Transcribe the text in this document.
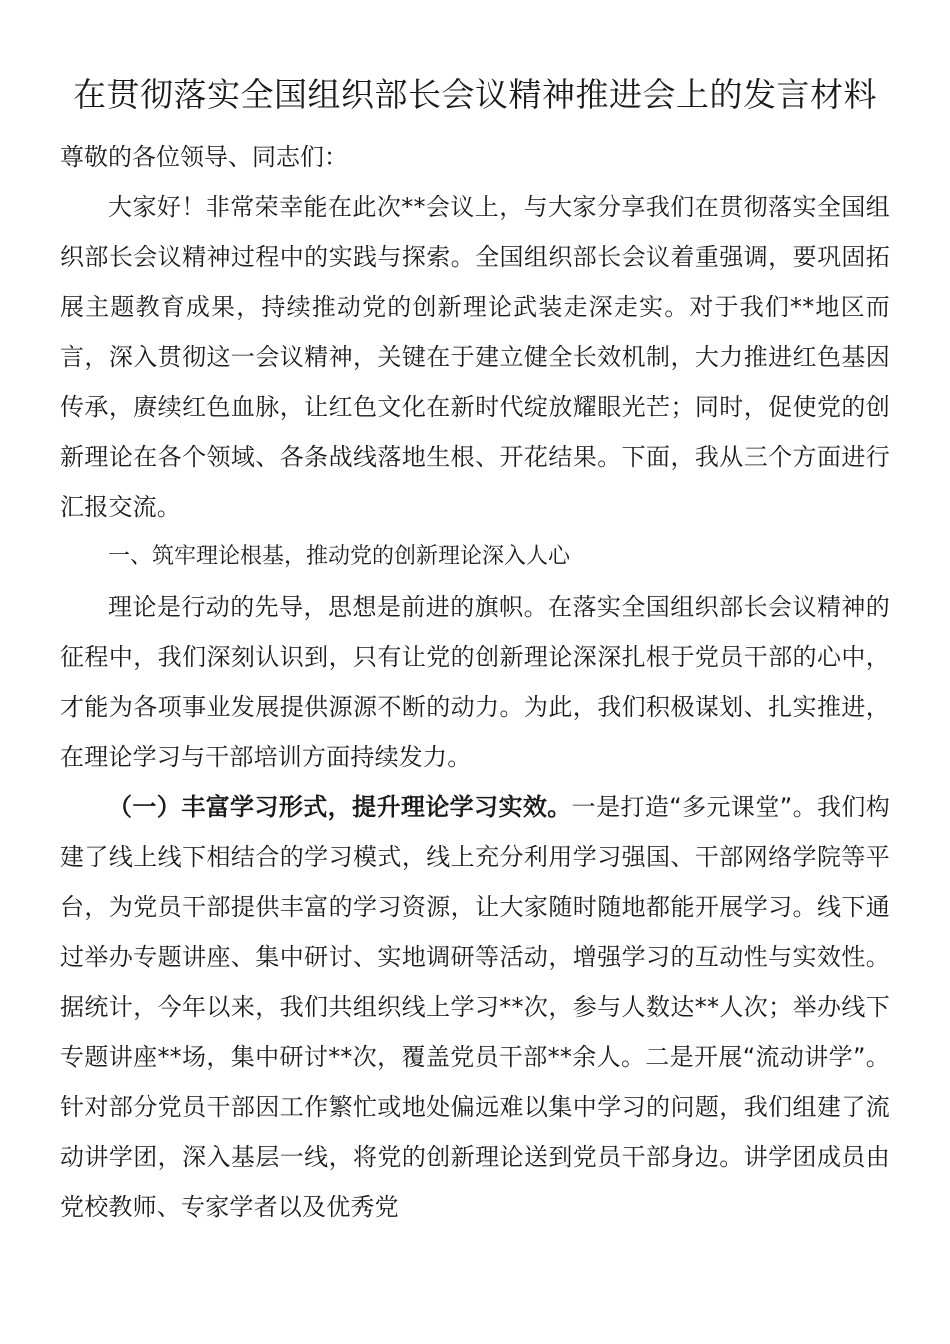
在贯彻落实全国组织部长会议精神推进会上的发言材料

尊敬的各位领导、同志们：

大家好！非常荣幸能在此次**会议上，与大家分享我们在贯彻落实全国组织部长会议精神过程中的实践与探索。全国组织部长会议着重强调，要巩固拓展主题教育成果，持续推动党的创新理论武装走深走实。对于我们**地区而言，深入贯彻这一会议精神，关键在于建立健全长效机制，大力推进红色基因传承，赓续红色血脉，让红色文化在新时代绽放耀眼光芒；同时，促使党的创新理论在各个领域、各条战线落地生根、开花结果。下面，我从三个方面进行汇报交流。

一、筑牢理论根基，推动党的创新理论深入人心

理论是行动的先导，思想是前进的旗帜。在落实全国组织部长会议精神的征程中，我们深刻认识到，只有让党的创新理论深深扎根于党员干部的心中，才能为各项事业发展提供源源不断的动力。为此，我们积极谋划、扎实推进，在理论学习与干部培训方面持续发力。

（一）丰富学习形式，提升理论学习实效。一是打造“多元课堂”。我们构建了线上线下相结合的学习模式，线上充分利用学习强国、干部网络学院等平台，为党员干部提供丰富的学习资源，让大家随时随地都能开展学习。线下通过举办专题讲座、集中研讨、实地调研等活动，增强学习的互动性与实效性。据统计，今年以来，我们共组织线上学习**次，参与人数达**人次；举办线下专题讲座**场，集中研讨**次，覆盖党员干部**余人。二是开展“流动讲学”。针对部分党员干部因工作繁忙或地处偏远难以集中学习的问题，我们组建了流动讲学团，深入基层一线，将党的创新理论送到党员干部身边。讲学团成员由党校教师、专家学者以及优秀党
